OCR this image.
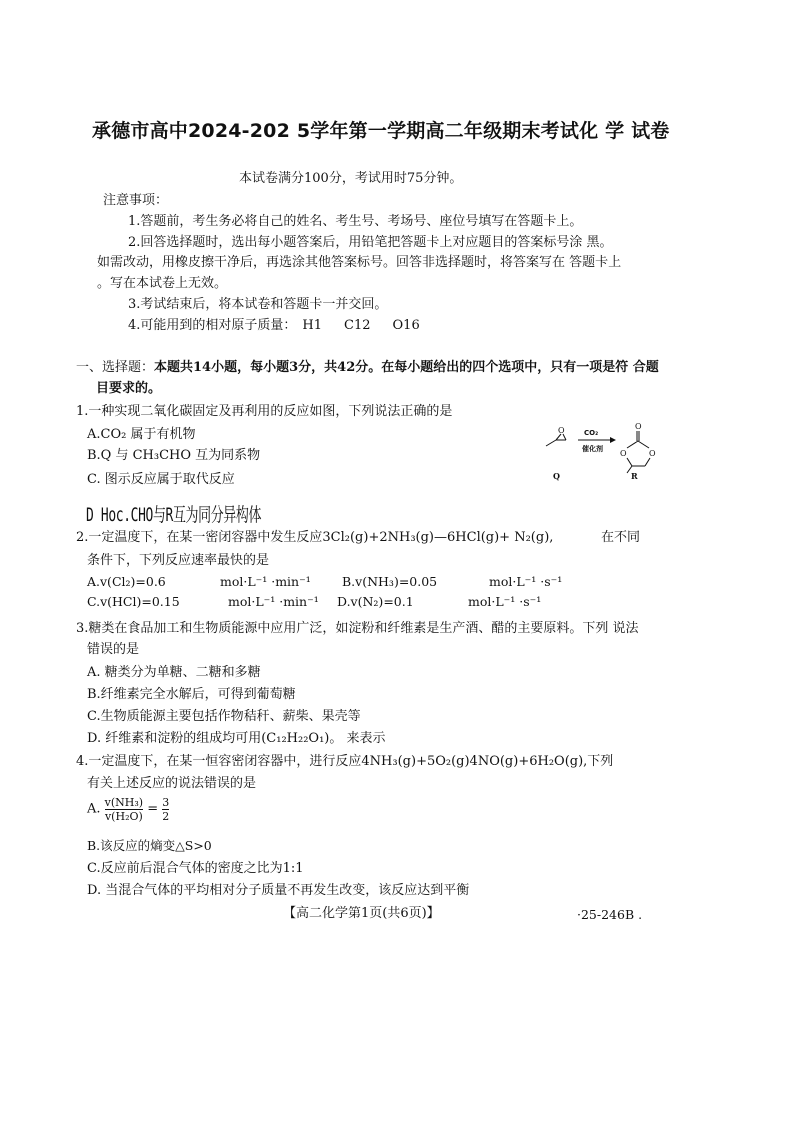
承德市高中2024-202 5学年第一学期高二年级期末考试化 学 试卷
本试卷满分100分，考试用时75分钟。
注意事项：
1.答题前，考生务必将自己的姓名、考生号、考场号、座位号填写在答题卡上。
2.回答选择题时，选出每小题答案后，用铅笔把答题卡上对应题目的答案标号涂 黑。
如需改动，用橡皮擦干净后，再选涂其他答案标号。回答非选择题时，将答案写在 答题卡上
。写在本试卷上无效。
3.考试结束后，将本试卷和答题卡一并交回。
4.可能用到的相对原子质量： H1 C12 O16
一、选择题：本题共14小题，每小题3分，共42分。在每小题给出的四个选项中，只有一项是符 合题
目要求的。
1.一种实现二氧化碳固定及再利用的反应如图，下列说法正确的是
A.CO₂ 属于有机物
B.Q 与 CH₃CHO 互为同系物
C. 图示反应属于取代反应
D Hoc.CHO与R互为同分异构体
O
Q
CO₂
催化剂
O
O	O
R
2.一定温度下，在某一密闭容器中发生反应3Cl₂(g)+2NH₃(g)—6HCl(g)+ N₂(g),	在不同
条件下，下列反应速率最快的是
A.v(Cl₂)=0.6	mol·L⁻¹ ·min⁻¹	B.v(NH₃)=0.05	mol·L⁻¹ ·s⁻¹
C.v(HCl)=0.15	mol·L⁻¹ ·min⁻¹ D.v(N₂)=0.1	mol·L⁻¹ ·s⁻¹
3.糖类在食品加工和生物质能源中应用广泛，如淀粉和纤维素是生产酒、醋的主要原料。下列 说法
错误的是
A. 糖类分为单糖、二糖和多糖
B.纤维素完全水解后，可得到葡萄糖
C.生物质能源主要包括作物秸秆、薪柴、果壳等
D. 纤维素和淀粉的组成均可用(C₁₂H₂₂O₁)。 来表示
4.一定温度下，在某一恒容密闭容器中，进行反应4NH₃(g)+5O₂(g)4NO(g)+6H₂O(g),下列
有关上述反应的说法错误的是
A. $\frac{\text{v(NH₃)}}{\text{v(H₂O)}} = \frac{3}{2}$
B.该反应的熵变△S>0
C.反应前后混合气体的密度之比为1:1
D. 当混合气体的平均相对分子质量不再发生改变，该反应达到平衡
【高二化学第1页(共6页)】	·25-246B .
